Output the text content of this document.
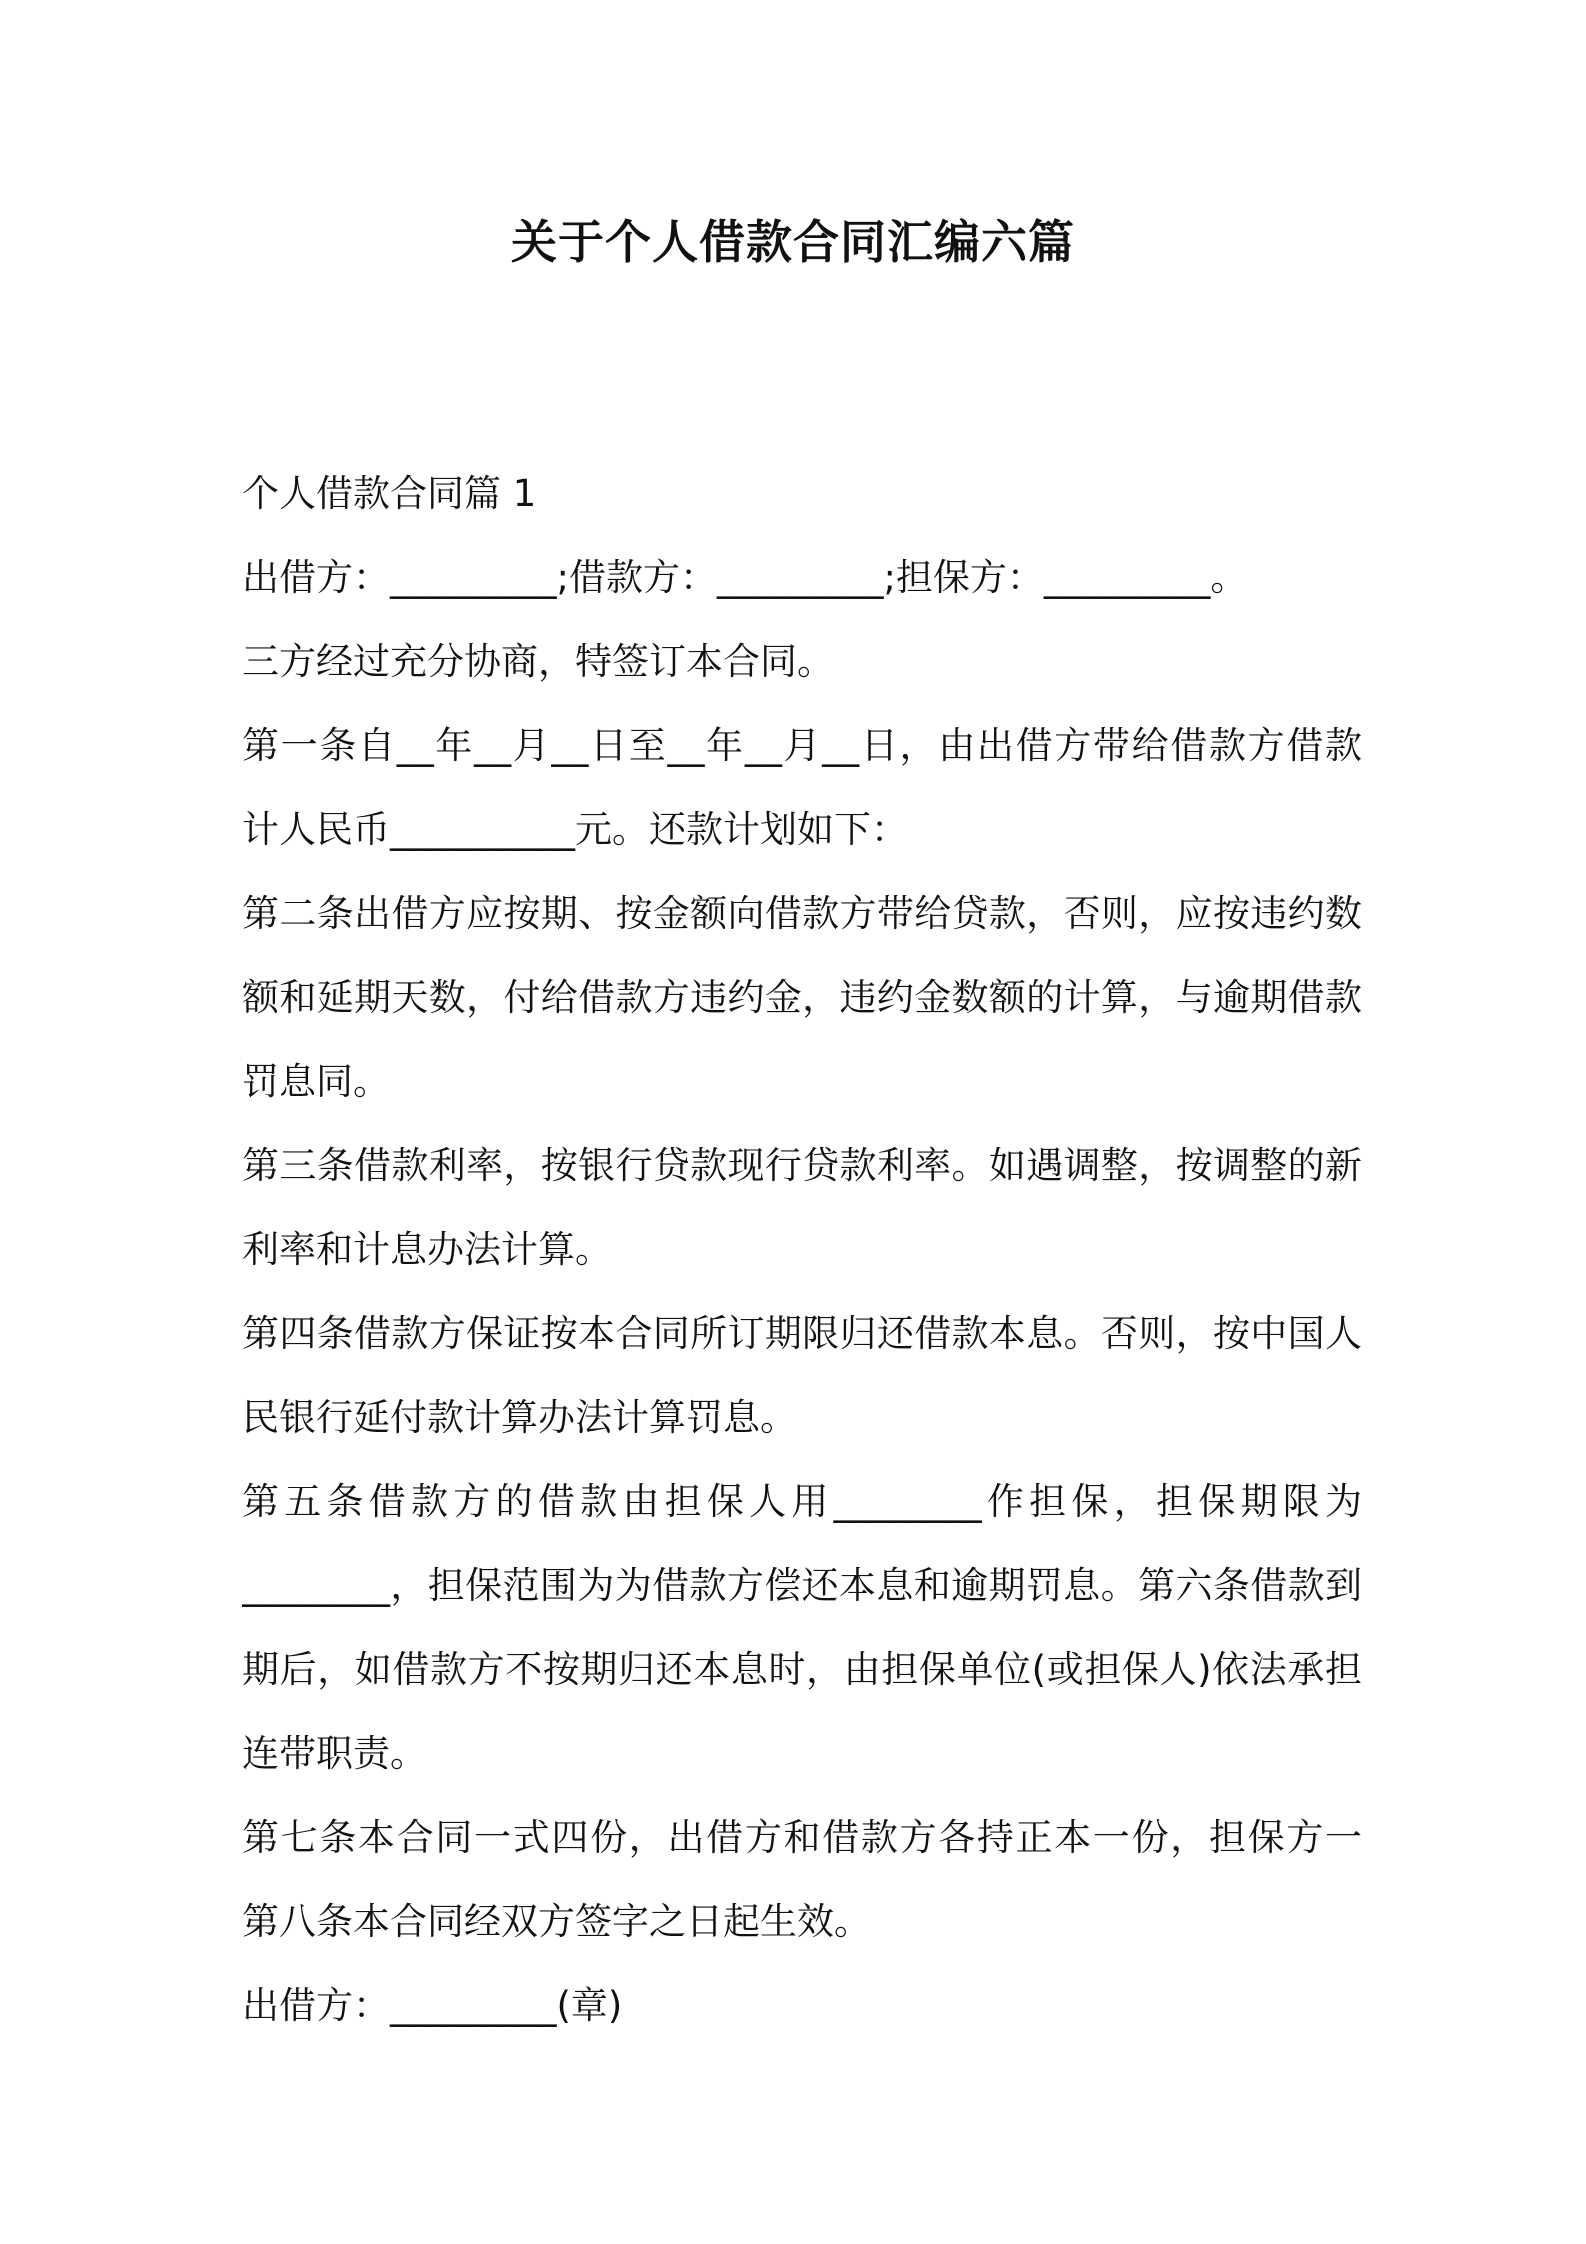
关于个人借款合同汇编六篇

个人借款合同篇 1

出借方：_________;借款方：_________;担保方：_________。

三方经过充分协商，特签订本合同。

第一条自__年__月__日至__年__月__日，由出借方带给借款方借款

计人民币__________元。还款计划如下：

第二条出借方应按期、按金额向借款方带给贷款，否则，应按违约数

额和延期天数，付给借款方违约金，违约金数额的计算，与逾期借款

罚息同。

第三条借款利率，按银行贷款现行贷款利率。如遇调整，按调整的新

利率和计息办法计算。

第四条借款方保证按本合同所订期限归还借款本息。否则，按中国人

民银行延付款计算办法计算罚息。

第五条借款方的借款由担保人用________作担保，担保期限为

________，担保范围为为借款方偿还本息和逾期罚息。第六条借款到

期后，如借款方不按期归还本息时，由担保单位(或担保人)依法承担

连带职责。

第七条本合同一式四份，出借方和借款方各持正本一份，担保方一

第八条本合同经双方签字之日起生效。

出借方：_________(章)
